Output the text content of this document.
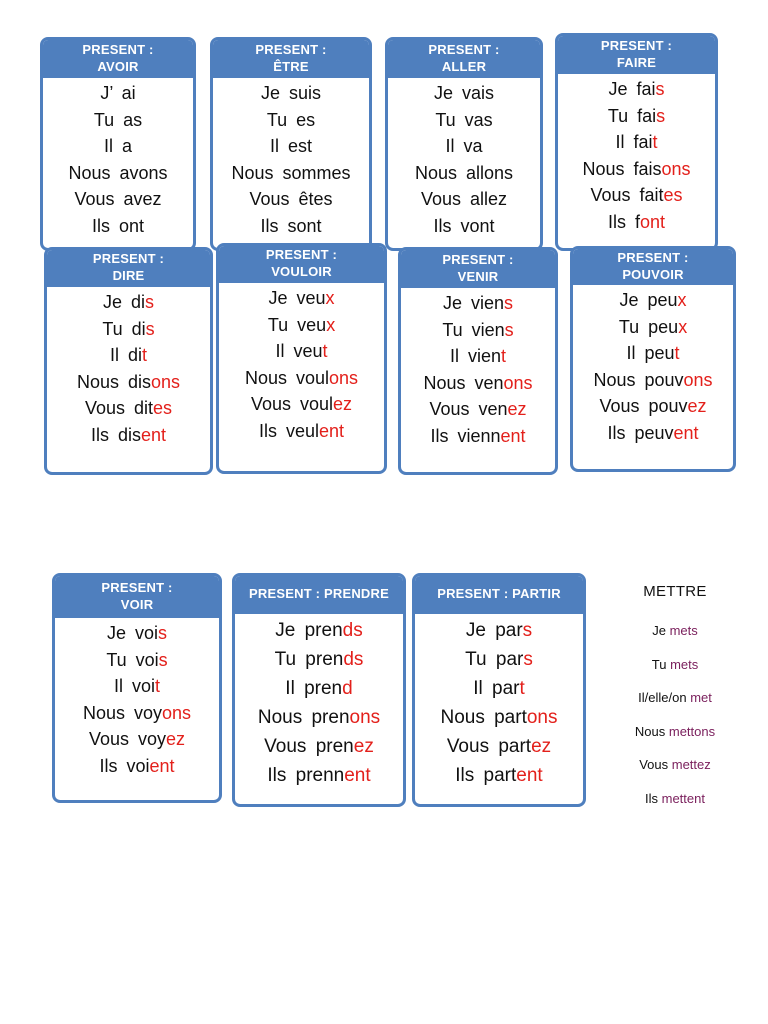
PRESENT :
AVOIR
J’ ai
Tu as
Il a
Nous avons
Vous avez
Ils ont
PRESENT :
ÊTRE
Je suis
Tu es
Il est
Nous sommes
Vous êtes
Ils sont
PRESENT :
ALLER
Je vais
Tu vas
Il va
Nous allons
Vous allez
Ils vont
PRESENT :
FAIRE
Je fais
Tu fais
Il fait
Nous faisons
Vous faites
Ils font
PRESENT :
DIRE
Je dis
Tu dis
Il dit
Nous disons
Vous dites
Ils disent
PRESENT :
VOULOIR
Je veux
Tu veux
Il veut
Nous voulons
Vous voulez
Ils veulent
PRESENT :
VENIR
Je viens
Tu viens
Il vient
Nous venons
Vous venez
Ils viennent
PRESENT :
POUVOIR
Je peux
Tu peux
Il peut
Nous pouvons
Vous pouvez
Ils peuvent
PRESENT :
VOIR
Je vois
Tu vois
Il voit
Nous voyons
Vous voyez
Ils voient
PRESENT : PRENDRE
Je prends
Tu prends
Il prend
Nous prenons
Vous prenez
Ils prennent
PRESENT : PARTIR
Je pars
Tu pars
Il part
Nous partons
Vous partez
Ils partent
METTRE
Je mets
Tu mets
Il/elle/on met
Nous mettons
Vous mettez
Ils mettent
